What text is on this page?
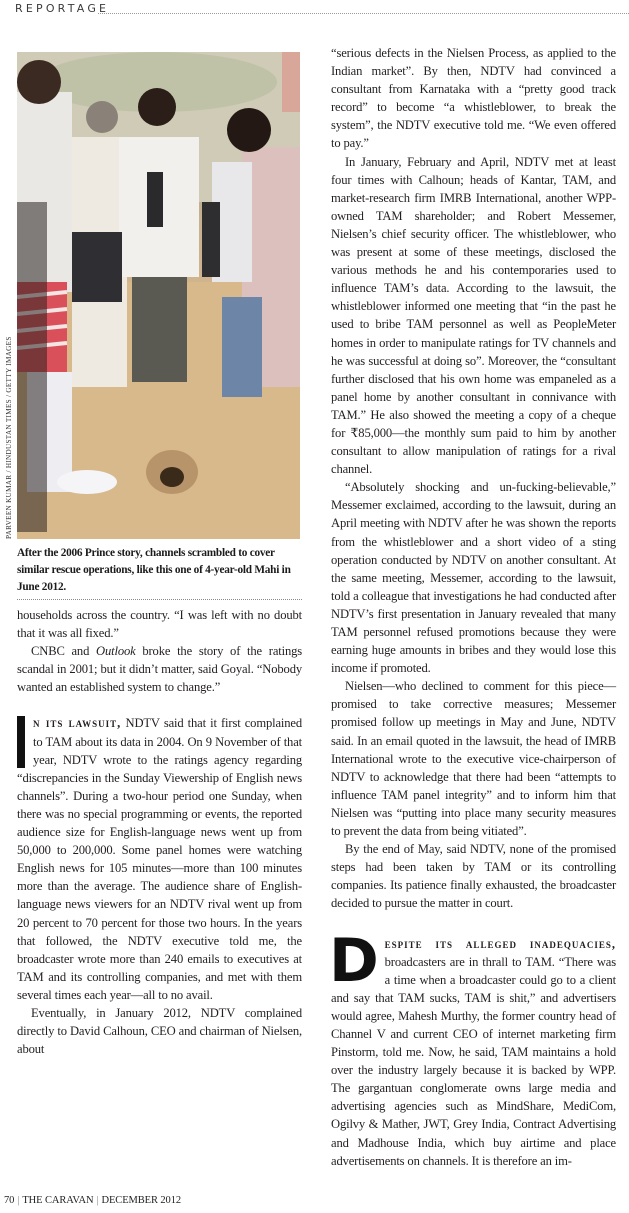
REPORTAGE
PARVEEN KUMAR / HINDUSTAN TIMES / GETTY IMAGES
After the 2006 Prince story, channels scrambled to cover similar rescue operations, like this one of 4-year-old Mahi in June 2012.

households across the country. “I was left with no doubt that it was all fixed.”

CNBC and Outlook broke the story of the ratings scandal in 2001; but it didn’t matter, said Goyal. “Nobody wanted an established system to change.”

n its lawsuit, NDTV said that it first complained to TAM about its data in 2004. On 9 November of that year, NDTV wrote to the ratings agency regarding “discrepancies in the Sunday Viewership of English news channels”. During a two-hour period one Sunday, when there was no special programming or events, the reported audience size for English-language news went up from 50,000 to 200,000. Some panel homes were watching English news for 105 minutes—more than 100 minutes more than the average. The audience share of English-language news viewers for an NDTV rival went up from 20 percent to 70 percent for those two hours. In the years that followed, the NDTV executive told me, the broadcaster wrote more than 240 emails to executives at TAM and its controlling companies, and met with them several times each year—all to no avail.

Eventually, in January 2012, NDTV complained directly to David Calhoun, CEO and chairman of Nielsen, about

“serious defects in the Nielsen Process, as applied to the Indian market”. By then, NDTV had convinced a consultant from Karnataka with a “pretty good track record” to become “a whistleblower, to break the system”, the NDTV executive told me. “We even offered to pay.”

In January, February and April, NDTV met at least four times with Calhoun; heads of Kantar, TAM, and market-research firm IMRB International, another WPP-owned TAM shareholder; and Robert Messemer, Nielsen’s chief security officer. The whistleblower, who was present at some of these meetings, disclosed the various methods he and his contemporaries used to influence TAM’s data. According to the lawsuit, the whistleblower informed one meeting that “in the past he used to bribe TAM personnel as well as PeopleMeter homes in order to manipulate ratings for TV channels and he was successful at doing so”. Moreover, the “consultant further disclosed that his own home was empaneled as a panel home by another consultant in connivance with TAM.” He also showed the meeting a copy of a cheque for ₹85,000—the monthly sum paid to him by another consultant to allow manipulation of ratings for a rival channel.

“Absolutely shocking and un-fucking-believable,” Messemer exclaimed, according to the lawsuit, during an April meeting with NDTV after he was shown the reports from the whistleblower and a short video of a sting operation conducted by NDTV on another consultant. At the same meeting, Messemer, according to the lawsuit, told a colleague that investigations he had conducted after NDTV’s first presentation in January revealed that many TAM personnel refused promotions because they were earning huge amounts in bribes and they would lose this income if promoted.

Nielsen—who declined to comment for this piece—promised to take corrective measures; Messemer promised follow up meetings in May and June, NDTV said. In an email quoted in the lawsuit, the head of IMRB International wrote to the executive vice-chairperson of NDTV to acknowledge that there had been “attempts to influence TAM panel integrity” and to inform him that Nielsen was “putting into place many security measures to prevent the data from being vitiated”.

By the end of May, said NDTV, none of the promised steps had been taken by TAM or its controlling companies. Its patience finally exhausted, the broadcaster decided to pursue the matter in court.

Despite its alleged inadequacies, broadcasters are in thrall to TAM. “There was a time when a broadcaster could go to a client and say that TAM sucks, TAM is shit,” and advertisers would agree, Mahesh Murthy, the former country head of Channel V and current CEO of internet marketing firm Pinstorm, told me. Now, he said, TAM maintains a hold over the industry largely because it is backed by WPP. The gargantuan conglomerate owns large media and advertising agencies such as MindShare, MediCom, Ogilvy & Mather, JWT, Grey India, Contract Advertising and Madhouse India, which buy airtime and place advertisements on channels. It is therefore an im-

70 | THE CARAVAN | DECEMBER 2012
